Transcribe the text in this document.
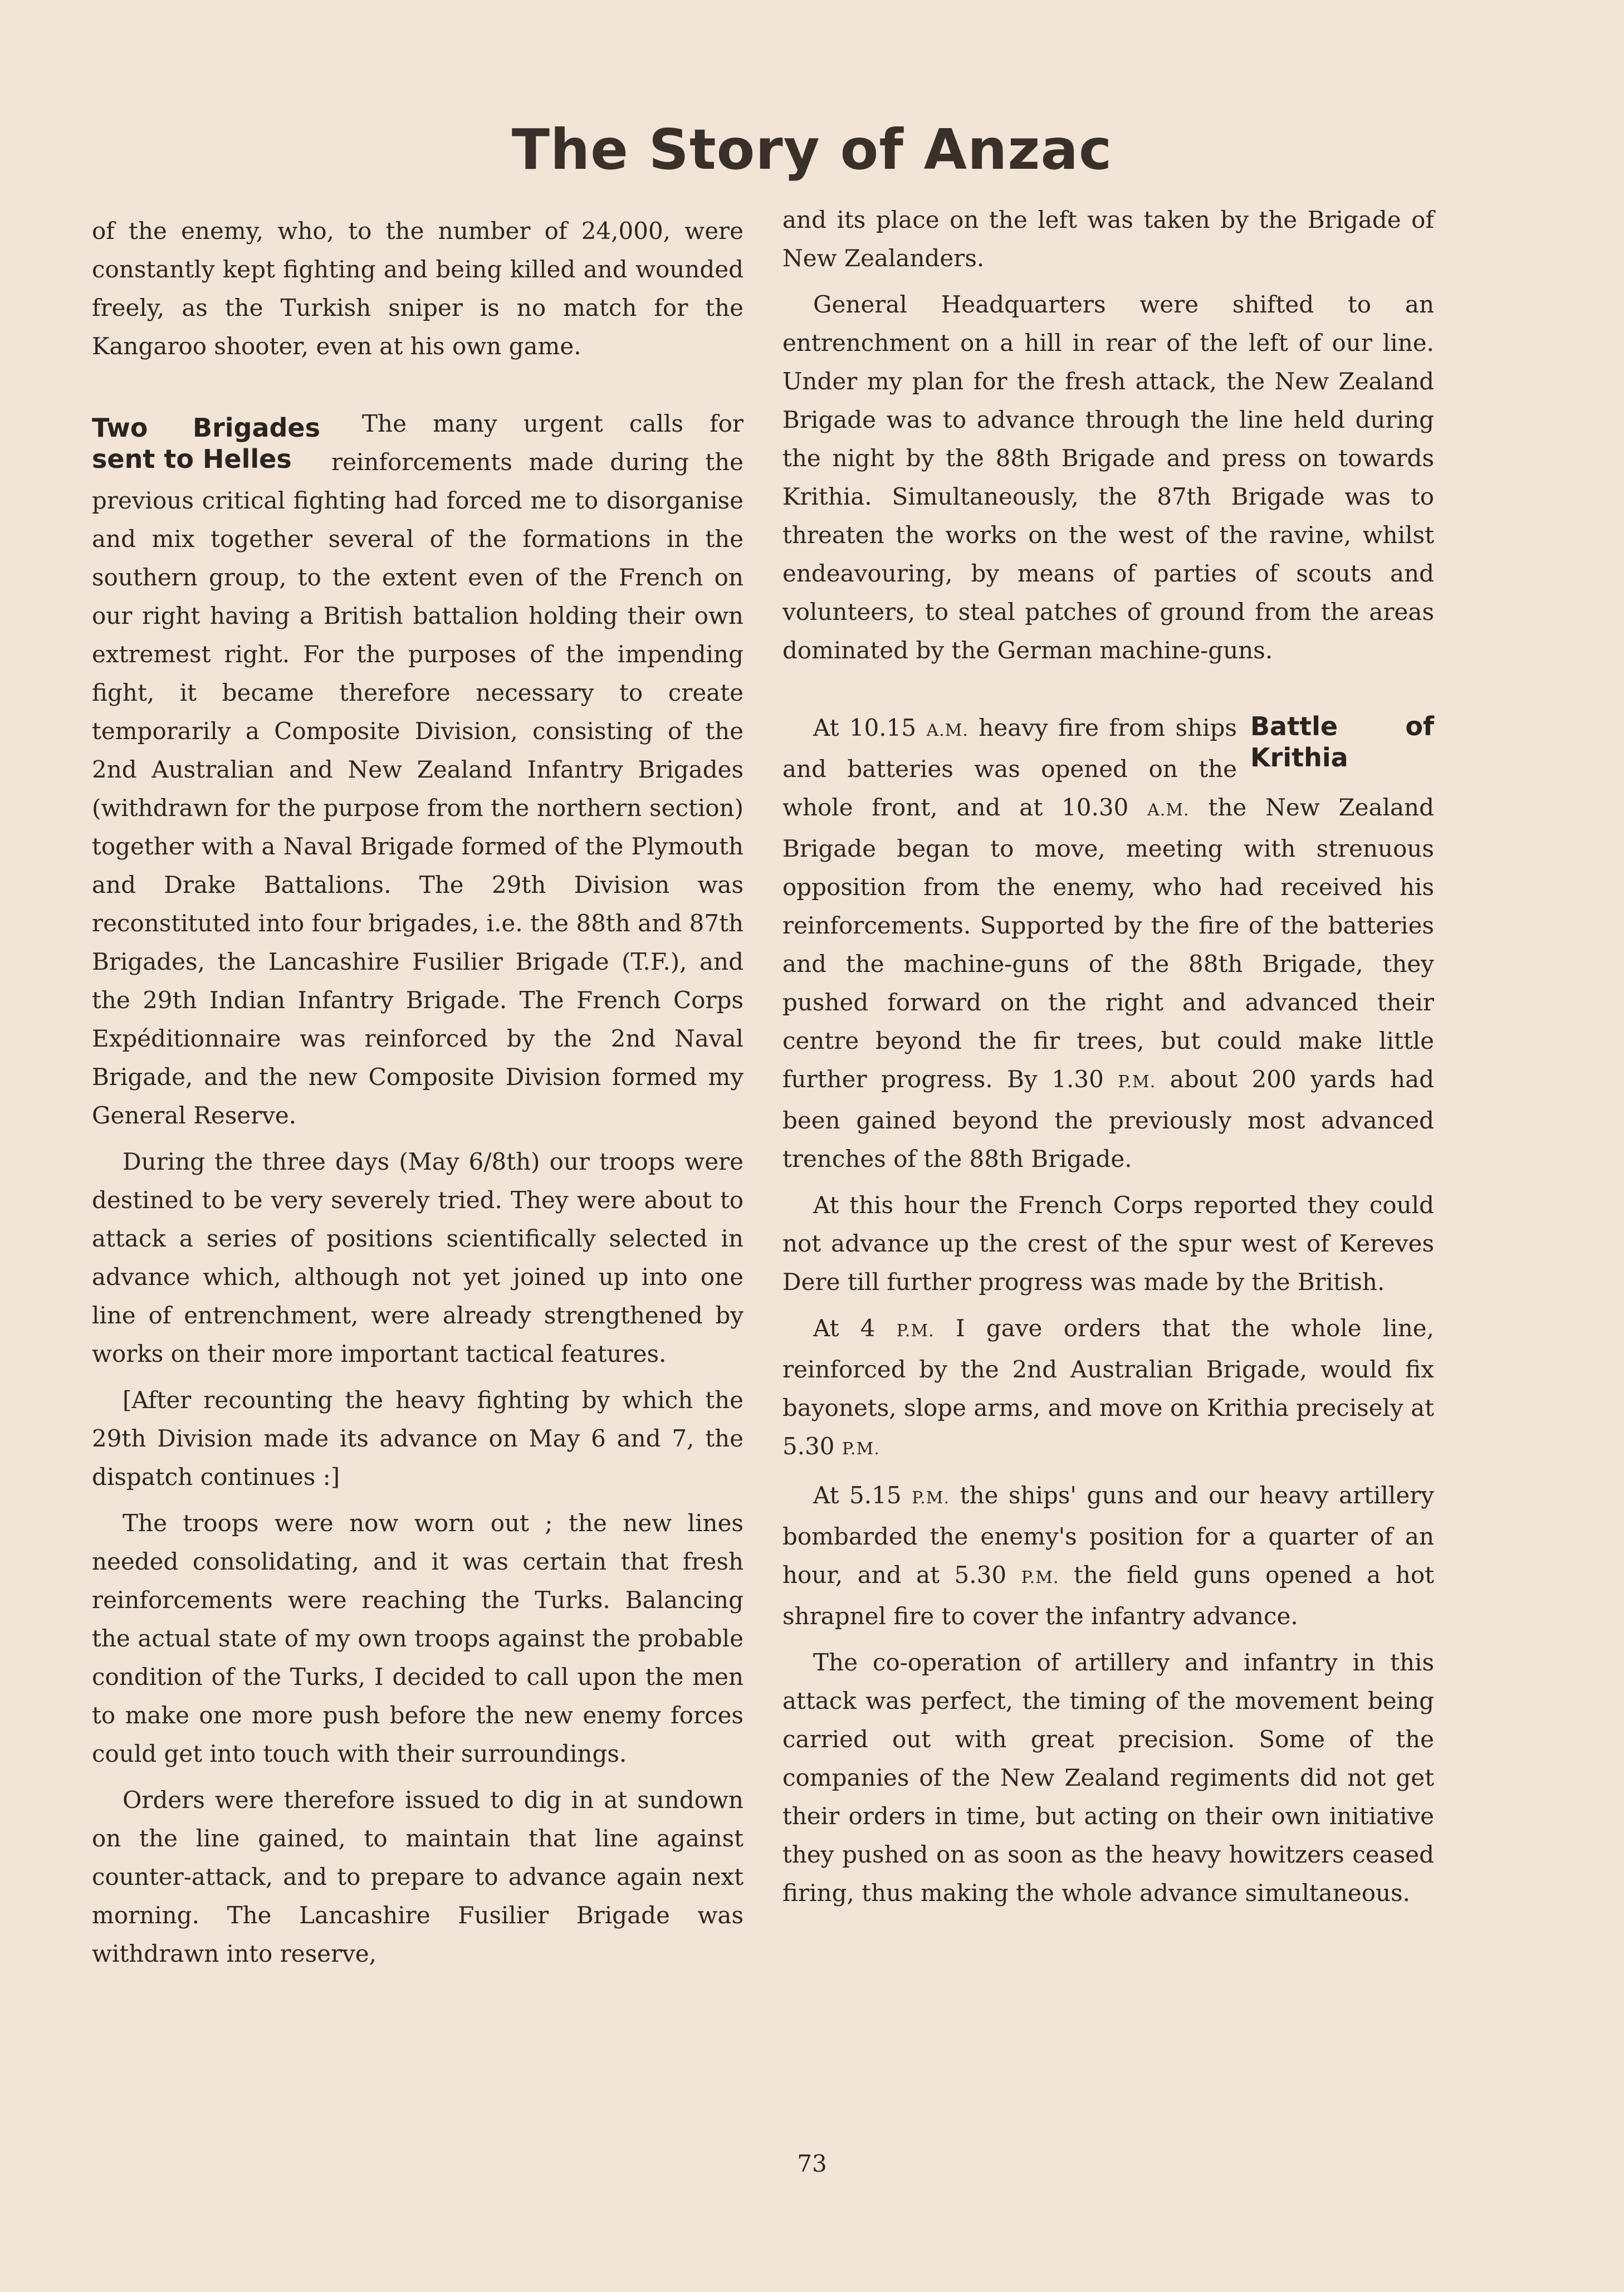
The Story of Anzac

of the enemy, who, to the number of 24,000, were constantly kept fighting and being killed and wounded freely, as the Turkish sniper is no match for the Kangaroo shooter, even at his own game.

Two Brigades sent to Helles
The many urgent calls for reinforcements made during the previous critical fighting had forced me to disorganise and mix together several of the formations in the southern group, to the extent even of the French on our right having a British battalion holding their own extremest right. For the purposes of the impending fight, it became therefore necessary to create temporarily a Composite Division, consisting of the 2nd Australian and New Zealand Infantry Brigades (withdrawn for the purpose from the northern section) together with a Naval Brigade formed of the Plymouth and Drake Battalions. The 29th Division was reconstituted into four brigades, i.e. the 88th and 87th Brigades, the Lancashire Fusilier Brigade (T.F.), and the 29th Indian Infantry Brigade. The French Corps Expéditionnaire was reinforced by the 2nd Naval Brigade, and the new Composite Division formed my General Reserve.

During the three days (May 6/8th) our troops were destined to be very severely tried. They were about to attack a series of positions scientifically selected in advance which, although not yet joined up into one line of entrenchment, were already strengthened by works on their more important tactical features.

[After recounting the heavy fighting by which the 29th Division made its advance on May 6 and 7, the dispatch continues :]

The troops were now worn out ; the new lines needed consolidating, and it was certain that fresh reinforcements were reaching the Turks. Balancing the actual state of my own troops against the probable condition of the Turks, I decided to call upon the men to make one more push before the new enemy forces could get into touch with their surroundings.

Orders were therefore issued to dig in at sundown on the line gained, to maintain that line against counter-attack, and to prepare to advance again next morning. The Lancashire Fusilier Brigade was withdrawn into reserve,

and its place on the left was taken by the Brigade of New Zealanders.

General Headquarters were shifted to an entrenchment on a hill in rear of the left of our line. Under my plan for the fresh attack, the New Zealand Brigade was to advance through the line held during the night by the 88th Brigade and press on towards Krithia. Simultaneously, the 87th Brigade was to threaten the works on the west of the ravine, whilst endeavouring, by means of parties of scouts and volunteers, to steal patches of ground from the areas dominated by the German machine-guns.

Battle of Krithia
At 10.15 A.M. heavy fire from ships and batteries was opened on the whole front, and at 10.30 A.M. the New Zealand Brigade began to move, meeting with strenuous opposition from the enemy, who had received his reinforcements. Supported by the fire of the batteries and the machine-guns of the 88th Brigade, they pushed forward on the right and advanced their centre beyond the fir trees, but could make little further progress. By 1.30 P.M. about 200 yards had been gained beyond the previously most advanced trenches of the 88th Brigade.

At this hour the French Corps reported they could not advance up the crest of the spur west of Kereves Dere till further progress was made by the British.

At 4 P.M. I gave orders that the whole line, reinforced by the 2nd Australian Brigade, would fix bayonets, slope arms, and move on Krithia precisely at 5.30 P.M.

At 5.15 P.M. the ships' guns and our heavy artillery bombarded the enemy's position for a quarter of an hour, and at 5.30 P.M. the field guns opened a hot shrapnel fire to cover the infantry advance.

The co-operation of artillery and infantry in this attack was perfect, the timing of the movement being carried out with great precision. Some of the companies of the New Zealand regiments did not get their orders in time, but acting on their own initiative they pushed on as soon as the heavy howitzers ceased firing, thus making the whole advance simultaneous.

73
